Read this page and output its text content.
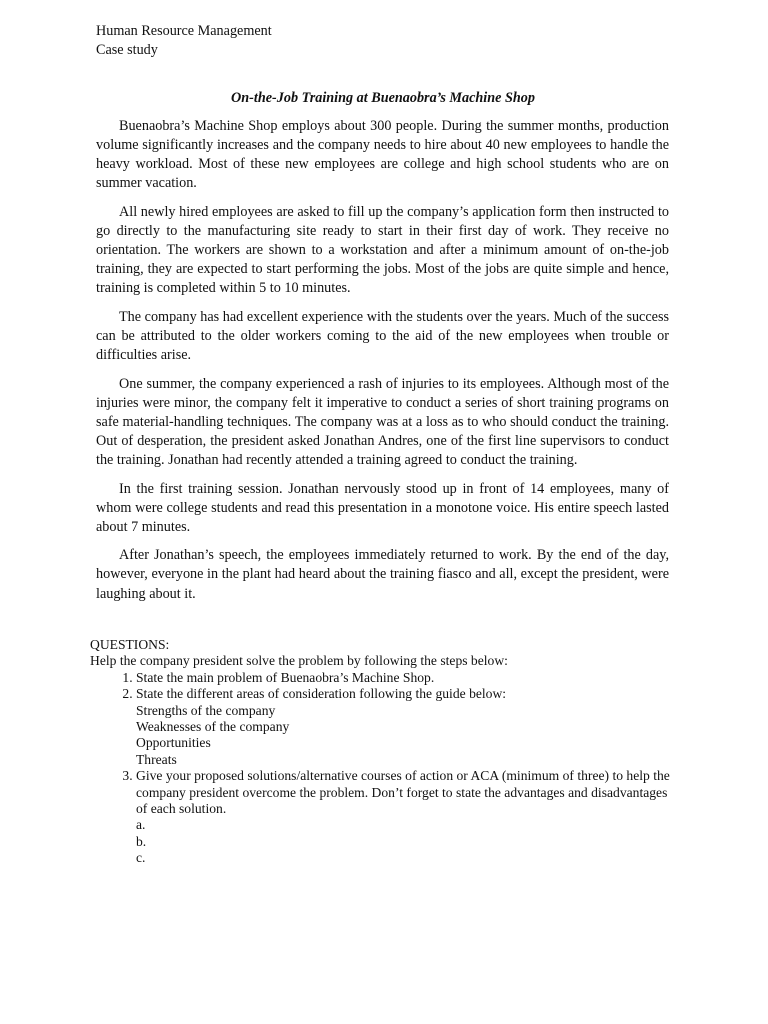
Human Resource Management
Case study
On-the-Job Training at Buenaobra’s Machine Shop

Buenaobra’s Machine Shop employs about 300 people. During the summer months, production volume significantly increases and the company needs to hire about 40 new employees to handle the heavy workload. Most of these new employees are college and high school students who are on summer vacation.

All newly hired employees are asked to fill up the company’s application form then instructed to go directly to the manufacturing site ready to start in their first day of work. They receive no orientation. The workers are shown to a workstation and after a minimum amount of on-the-job training, they are expected to start performing the jobs. Most of the jobs are quite simple and hence, training is completed within 5 to 10 minutes.

The company has had excellent experience with the students over the years. Much of the success can be attributed to the older workers coming to the aid of the new employees when trouble or difficulties arise.

One summer, the company experienced a rash of injuries to its employees. Although most of the injuries were minor, the company felt it imperative to conduct a series of short training programs on safe material-handling techniques. The company was at a loss as to who should conduct the training. Out of desperation, the president asked Jonathan Andres, one of the first line supervisors to conduct the training. Jonathan had recently attended a training agreed to conduct the training.

In the first training session. Jonathan nervously stood up in front of 14 employees, many of whom were college students and read this presentation in a monotone voice. His entire speech lasted about 7 minutes.

After Jonathan’s speech, the employees immediately returned to work. By the end of the day, however, everyone in the plant had heard about the training fiasco and all, except the president, were laughing about it.

QUESTIONS:
Help the company president solve the problem by following the steps below:
1. State the main problem of Buenaobra’s Machine Shop.
2. State the different areas of consideration following the guide below:
Strengths of the company
Weaknesses of the company
Opportunities
Threats
3. Give your proposed solutions/alternative courses of action or ACA (minimum of three) to help the company president overcome the problem. Don’t forget to state the advantages and disadvantages of each solution.
a.
b.
c.
